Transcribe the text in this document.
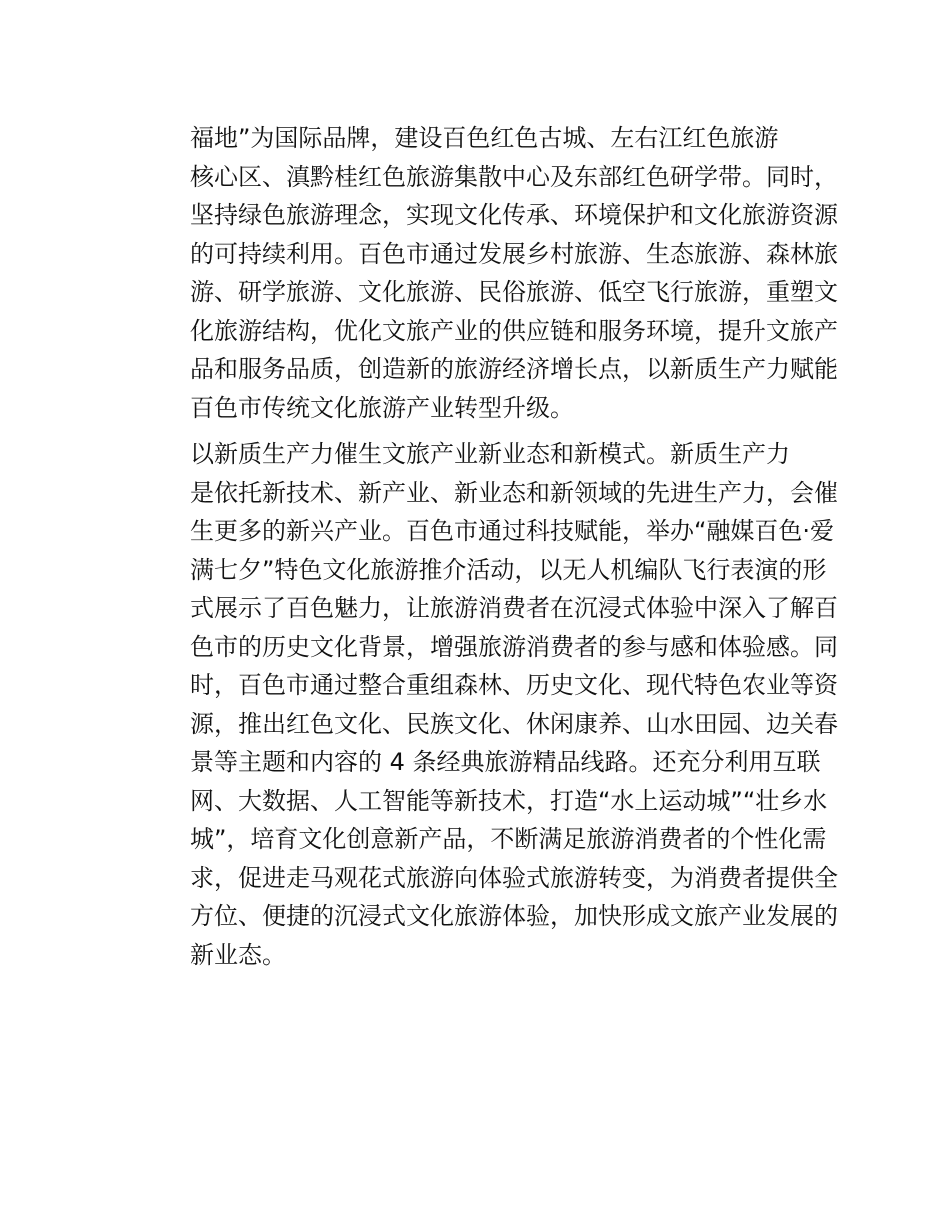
福地”为国际品牌，建设百色红色古城、左右江红色旅游
核心区、滇黔桂红色旅游集散中心及东部红色研学带。同时，
坚持绿色旅游理念，实现文化传承、环境保护和文化旅游资源
的可持续利用。百色市通过发展乡村旅游、生态旅游、森林旅
游、研学旅游、文化旅游、民俗旅游、低空飞行旅游，重塑文
化旅游结构，优化文旅产业的供应链和服务环境，提升文旅产
品和服务品质，创造新的旅游经济增长点，以新质生产力赋能
百色市传统文化旅游产业转型升级。

以新质生产力催生文旅产业新业态和新模式。新质生产力
是依托新技术、新产业、新业态和新领域的先进生产力，会催
生更多的新兴产业。百色市通过科技赋能，举办“融媒百色·爱
满七夕”特色文化旅游推介活动，以无人机编队飞行表演的形
式展示了百色魅力，让旅游消费者在沉浸式体验中深入了解百
色市的历史文化背景，增强旅游消费者的参与感和体验感。同
时，百色市通过整合重组森林、历史文化、现代特色农业等资
源，推出红色文化、民族文化、休闲康养、山水田园、边关春
景等主题和内容的 4 条经典旅游精品线路。还充分利用互联
网、大数据、人工智能等新技术，打造“水上运动城”“壮乡水
城”，培育文化创意新产品，不断满足旅游消费者的个性化需
求，促进走马观花式旅游向体验式旅游转变，为消费者提供全
方位、便捷的沉浸式文化旅游体验，加快形成文旅产业发展的
新业态。
